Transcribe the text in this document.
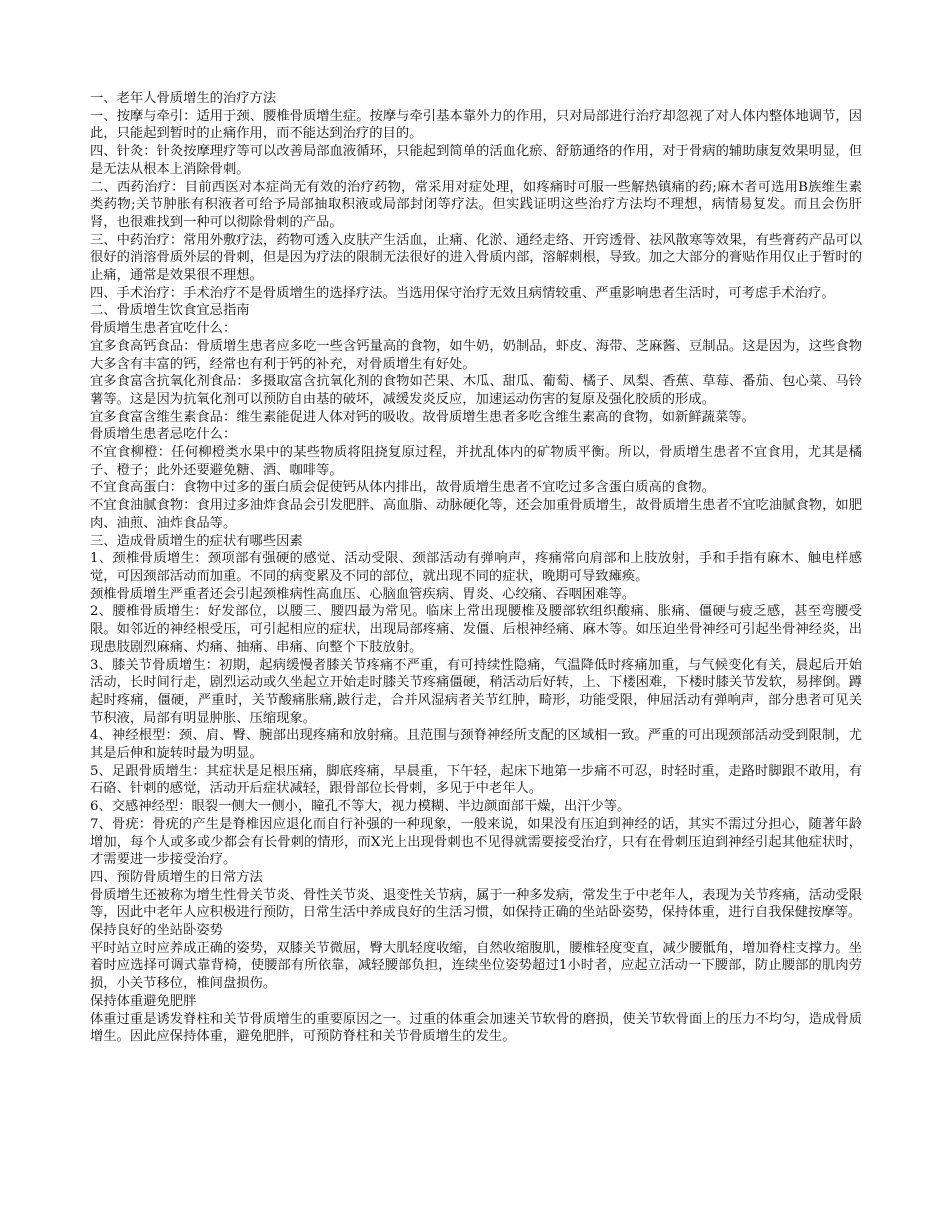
一、老年人骨质增生的治疗方法

一、按摩与牵引：适用于颈、腰椎骨质增生症。按摩与牵引基本靠外力的作用，只对局部进行治疗却忽视了对人体内整体地调节，因此，只能起到暂时的止痛作用，而不能达到治疗的目的。

四、针灸：针灸按摩理疗等可以改善局部血液循环，只能起到简单的活血化瘀、舒筋通络的作用，对于骨病的辅助康复效果明显，但是无法从根本上消除骨刺。

二、西药治疗：目前西医对本症尚无有效的治疗药物，常采用对症处理，如疼痛时可服一些解热镇痛的药;麻木者可选用B族维生素类药物;关节肿胀有积液者可给予局部抽取积液或局部封闭等疗法。但实践证明这些治疗方法均不理想，病情易复发。而且会伤肝肾，也很难找到一种可以彻除骨刺的产品。

三、中药治疗：常用外敷疗法，药物可透入皮肤产生活血，止痛、化淤、通经走络、开窍透骨、祛风散寒等效果，有些膏药产品可以很好的消溶骨质外层的骨刺，但是因为疗法的限制无法很好的进入骨质内部，溶解刺根，导致。加之大部分的膏贴作用仅止于暂时的止痛，通常是效果很不理想。

四、手术治疗：手术治疗不是骨质增生的选择疗法。当选用保守治疗无效且病情较重、严重影响患者生活时，可考虑手术治疗。

二、骨质增生饮食宜忌指南

骨质增生患者宜吃什么：

宜多食高钙食品：骨质增生患者应多吃一些含钙量高的食物，如牛奶，奶制品，虾皮、海带、芝麻酱、豆制品。这是因为，这些食物大多含有丰富的钙，经常也有利于钙的补充，对骨质增生有好处。

宜多食富含抗氧化剂食品：多摄取富含抗氧化剂的食物如芒果、木瓜、甜瓜、葡萄、橘子、凤梨、香蕉、草莓、番茄、包心菜、马铃薯等。这是因为抗氧化剂可以预防自由基的破坏，减缓发炎反应，加速运动伤害的复原及强化胶质的形成。

宜多食富含维生素食品：维生素能促进人体对钙的吸收。故骨质增生患者多吃含维生素高的食物，如新鲜蔬菜等。

骨质增生患者忌吃什么：

不宜食柳橙：任何柳橙类水果中的某些物质将阻挠复原过程，并扰乱体内的矿物质平衡。所以，骨质增生患者不宜食用，尤其是橘子、橙子；此外还要避免糖、酒、咖啡等。

不宜食高蛋白：食物中过多的蛋白质会促使钙从体内排出，故骨质增生患者不宜吃过多含蛋白质高的食物。

不宜食油腻食物：食用过多油炸食品会引发肥胖、高血脂、动脉硬化等，还会加重骨质增生，故骨质增生患者不宜吃油腻食物，如肥肉、油煎、油炸食品等。

三、造成骨质增生的症状有哪些因素

1、颈椎骨质增生：颈项部有强硬的感觉、活动受限、颈部活动有弹响声，疼痛常向肩部和上肢放射，手和手指有麻木、触电样感觉，可因颈部活动而加重。不同的病变累及不同的部位，就出现不同的症状，晚期可导致瘫痪。

颈椎骨质增生严重者还会引起颈椎病性高血压、心脑血管疾病、胃炎、心绞痛、吞咽困难等。

2、腰椎骨质增生：好发部位，以腰三、腰四最为常见。临床上常出现腰椎及腰部软组织酸痛、胀痛、僵硬与疲乏感，甚至弯腰受限。如邻近的神经根受压，可引起相应的症状，出现局部疼痛、发僵、后根神经痛、麻木等。如压迫坐骨神经可引起坐骨神经炎，出现患肢剧烈麻痛、灼痛、抽痛、串痛、向整个下肢放射。

3、膝关节骨质增生：初期，起病缓慢者膝关节疼痛不严重，有可持续性隐痛，气温降低时疼痛加重，与气候变化有关，晨起后开始活动，长时间行走，剧烈运动或久坐起立开始走时膝关节疼痛僵硬，稍活动后好转，上、下楼困难，下楼时膝关节发软，易摔倒。蹲起时疼痛，僵硬，严重时，关节酸痛胀痛,跛行走，合并风湿病者关节红肿，畸形，功能受限，伸屈活动有弹响声，部分患者可见关节积液，局部有明显肿胀、压缩现象。

4、神经根型：颈、肩、臀、腕部出现疼痛和放射痛。且范围与颈脊神经所支配的区域相一致。严重的可出现颈部活动受到限制，尤其是后伸和旋转时最为明显。

5、足跟骨质增生：其症状是足根压痛，脚底疼痛，早晨重，下午轻，起床下地第一步痛不可忍，时轻时重，走路时脚跟不敢用，有石硌、针刺的感觉，活动开后症状减轻，跟骨部位长骨刺，多见于中老年人。

6、交感神经型：眼裂一侧大一侧小，瞳孔不等大，视力模糊、半边颜面部干燥，出汗少等。

7、骨疣：骨疣的产生是脊椎因应退化而自行补强的一种现象，一般来说，如果没有压迫到神经的话，其实不需过分担心，随著年龄增加，每个人或多或少都会有长骨刺的情形，而X光上出现骨刺也不见得就需要接受治疗，只有在骨刺压迫到神经引起其他症状时，才需要进一步接受治疗。

四、预防骨质增生的日常方法

骨质增生还被称为增生性骨关节炎、骨性关节炎、退变性关节病，属于一种多发病，常发生于中老年人，表现为关节疼痛，活动受限等，因此中老年人应积极进行预防，日常生活中养成良好的生活习惯，如保持正确的坐站卧姿势，保持体重，进行自我保健按摩等。

保持良好的坐站卧姿势

平时站立时应养成正确的姿势，双膝关节微屈，臀大肌轻度收缩，自然收缩腹肌，腰椎轻度变直，减少腰骶角，增加脊柱支撑力。坐着时应选择可调式靠背椅，使腰部有所依靠，减轻腰部负担，连续坐位姿势超过1小时者，应起立活动一下腰部，防止腰部的肌肉劳损，小关节移位，椎间盘损伤。

保持体重避免肥胖

体重过重是诱发脊柱和关节骨质增生的重要原因之一。过重的体重会加速关节软骨的磨损，使关节软骨面上的压力不均匀，造成骨质增生。因此应保持体重，避免肥胖，可预防脊柱和关节骨质增生的发生。
